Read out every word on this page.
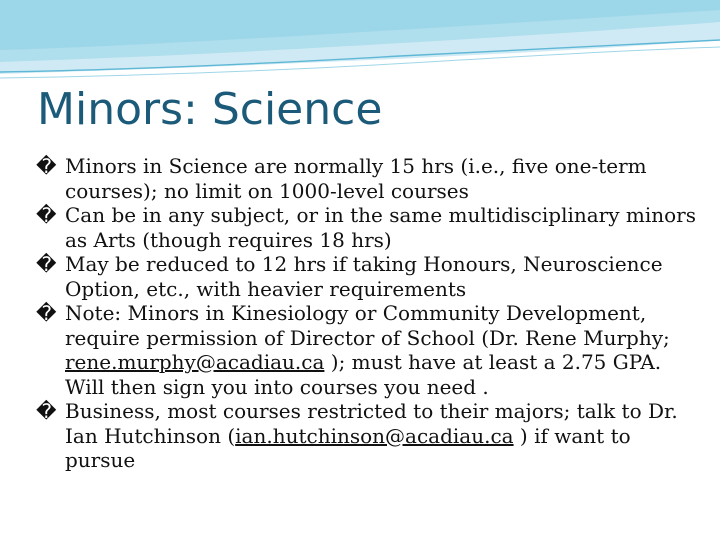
Minors: Science
� Minors in Science are normally 15 hrs (i.e., five one-term courses); no limit on 1000-level courses
� Can be in any subject, or in the same multidisciplinary minors as Arts (though requires 18 hrs)
� May be reduced to 12 hrs if taking Honours, Neuroscience Option, etc., with heavier requirements
� Note: Minors in Kinesiology or Community Development, require permission of Director of School (Dr. Rene Murphy; rene.murphy@acadiau.ca ); must have at least a 2.75 GPA. Will then sign you into courses you need .
� Business, most courses restricted to their majors; talk to Dr. Ian Hutchinson (ian.hutchinson@acadiau.ca ) if want to pursue
